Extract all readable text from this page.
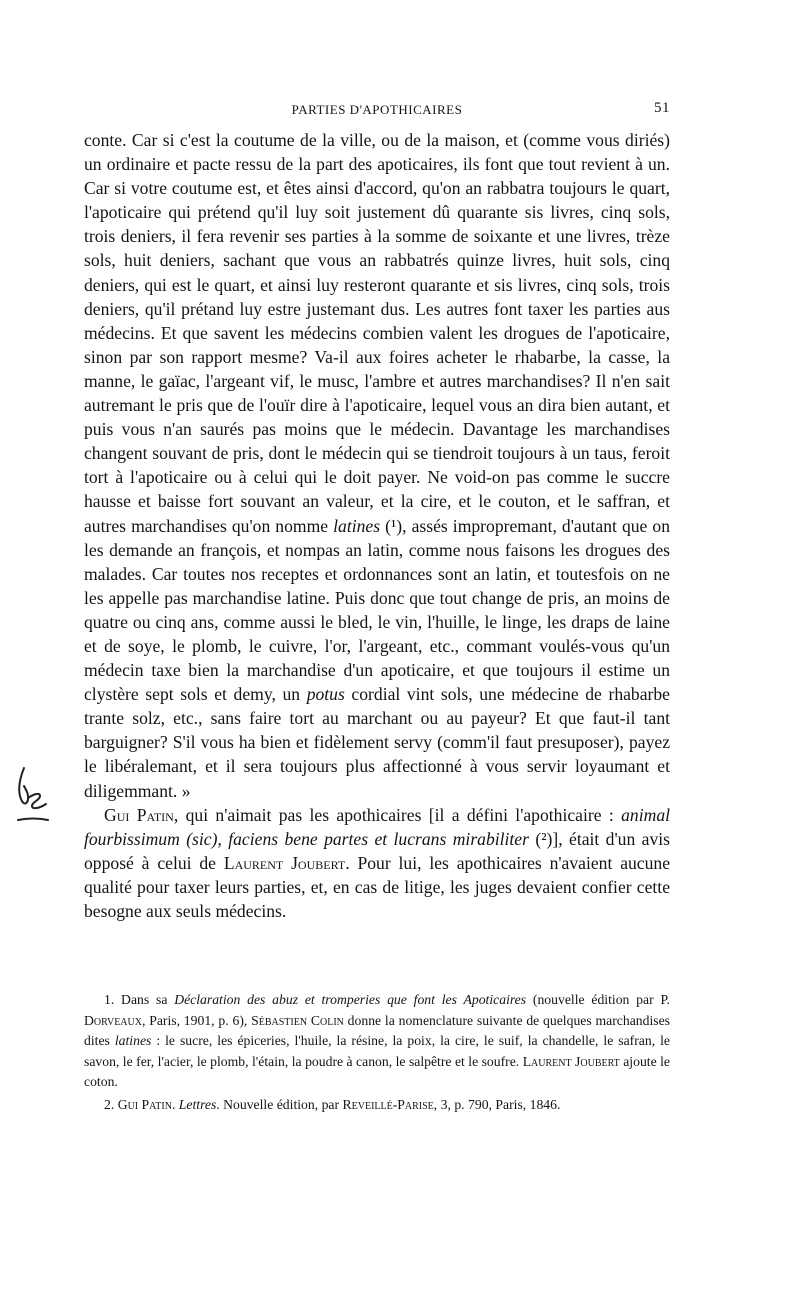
PARTIES D'APOTHICAIRES	51

conte. Car si c'est la coutume de la ville, ou de la maison, et (comme vous diriés) un ordinaire et pacte ressu de la part des apoticaires, ils font que tout revient à un. Car si votre coutume est, et êtes ainsi d'accord, qu'on an rabbatra toujours le quart, l'apoticaire qui prétend qu'il luy soit justement dû quarante sis livres, cinq sols, trois deniers, il fera revenir ses parties à la somme de soixante et une livres, trèze sols, huit deniers, sachant que vous an rabbatrés quinze livres, huit sols, cinq deniers, qui est le quart, et ainsi luy resteront quarante et sis livres, cinq sols, trois deniers, qu'il prétand luy estre justemant dus. Les autres font taxer les parties aus médecins. Et que savent les médecins combien valent les drogues de l'apoticaire, sinon par son rapport mesme? Va-il aux foires acheter le rhabarbe, la casse, la manne, le gaïac, l'argeant vif, le musc, l'ambre et autres marchandises? Il n'en sait autremant le pris que de l'ouïr dire à l'apoticaire, lequel vous an dira bien autant, et puis vous n'an saurés pas moins que le médecin. Davantage les marchandises changent souvant de pris, dont le médecin qui se tiendroit toujours à un taus, feroit tort à l'apoticaire ou à celui qui le doit payer. Ne void-on pas comme le succre hausse et baisse fort souvant an valeur, et la cire, et le couton, et le saffran, et autres marchandises qu'on nomme latines (¹), assés impropremant, d'autant que on les demande an françois, et nompas an latin, comme nous faisons les drogues des malades. Car toutes nos receptes et ordonnances sont an latin, et toutesfois on ne les appelle pas marchandise latine. Puis donc que tout change de pris, an moins de quatre ou cinq ans, comme aussi le bled, le vin, l'huille, le linge, les draps de laine et de soye, le plomb, le cuivre, l'or, l'argeant, etc., commant voulés-vous qu'un médecin taxe bien la marchandise d'un apoticaire, et que toujours il estime un clystère sept sols et demy, un potus cordial vint sols, une médecine de rhabarbe trante solz, etc., sans faire tort au marchant ou au payeur? Et que faut-il tant barguigner? S'il vous ha bien et fidèlement servy (comm'il faut presuposer), payez le libéralemant, et il sera toujours plus affectionné à vous servir loyaumant et diligemmant. »

Gui Patin, qui n'aimait pas les apothicaires [il a défini l'apothicaire : animal fourbissimum (sic), faciens bene partes et lucrans mirabiliter (²)], était d'un avis opposé à celui de Laurent Joubert. Pour lui, les apothicaires n'avaient aucune qualité pour taxer leurs parties, et, en cas de litige, les juges devaient confier cette besogne aux seuls médecins.

1. Dans sa Déclaration des abuz et tromperies que font les Apoticaires (nouvelle édition par P. Dorveaux, Paris, 1901, p. 6), Sébastien Colin donne la nomenclature suivante de quelques marchandises dites latines : le sucre, les épiceries, l'huile, la résine, la poix, la cire, le suif, la chandelle, le safran, le savon, le fer, l'acier, le plomb, l'étain, la poudre à canon, le salpêtre et le soufre. Laurent Joubert ajoute le coton.

2. Gui Patin. Lettres. Nouvelle édition, par Reveillé-Parise, 3, p. 790, Paris, 1846.
